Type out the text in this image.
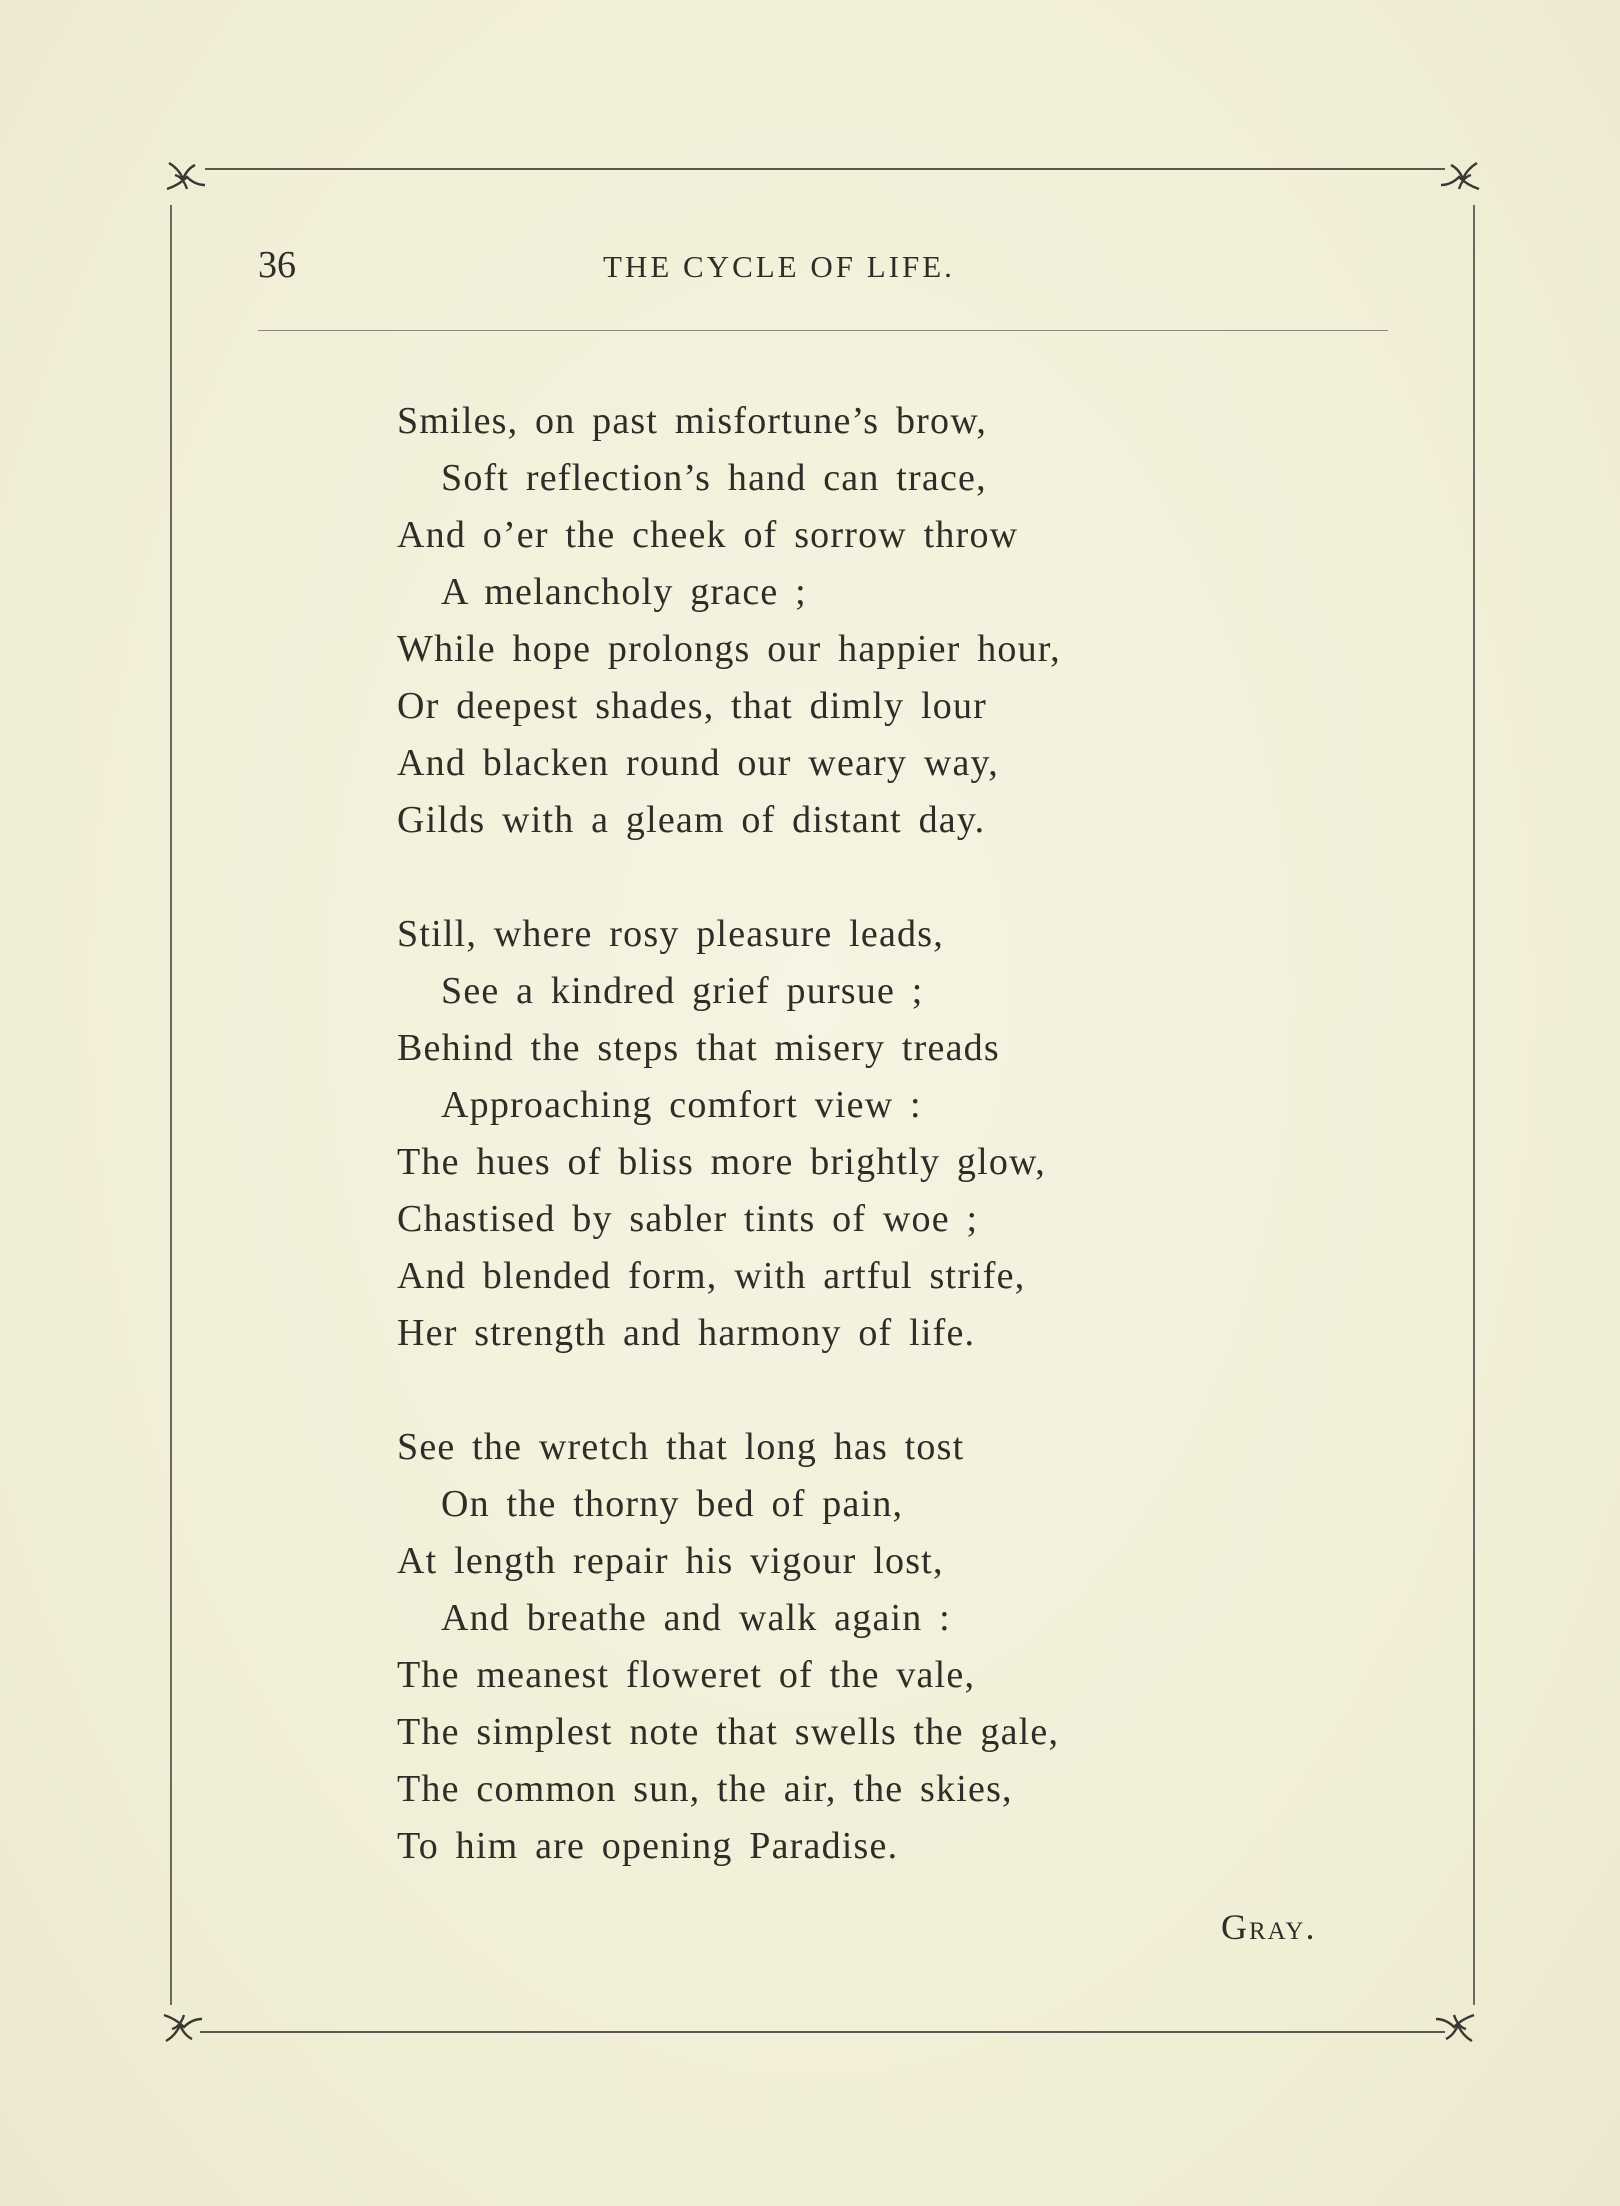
36	THE CYCLE OF LIFE.
Smiles, on past misfortune’s brow,
Soft reflection’s hand can trace,
And o’er the cheek of sorrow throw
A melancholy grace ;
While hope prolongs our happier hour,
Or deepest shades, that dimly lour
And blacken round our weary way,
Gilds with a gleam of distant day.
Still, where rosy pleasure leads,
See a kindred grief pursue ;
Behind the steps that misery treads
Approaching comfort view :
The hues of bliss more brightly glow,
Chastised by sabler tints of woe ;
And blended form, with artful strife,
Her strength and harmony of life.
See the wretch that long has tost
On the thorny bed of pain,
At length repair his vigour lost,
And breathe and walk again :
The meanest floweret of the vale,
The simplest note that swells the gale,
The common sun, the air, the skies,
To him are opening Paradise.
Gray.
